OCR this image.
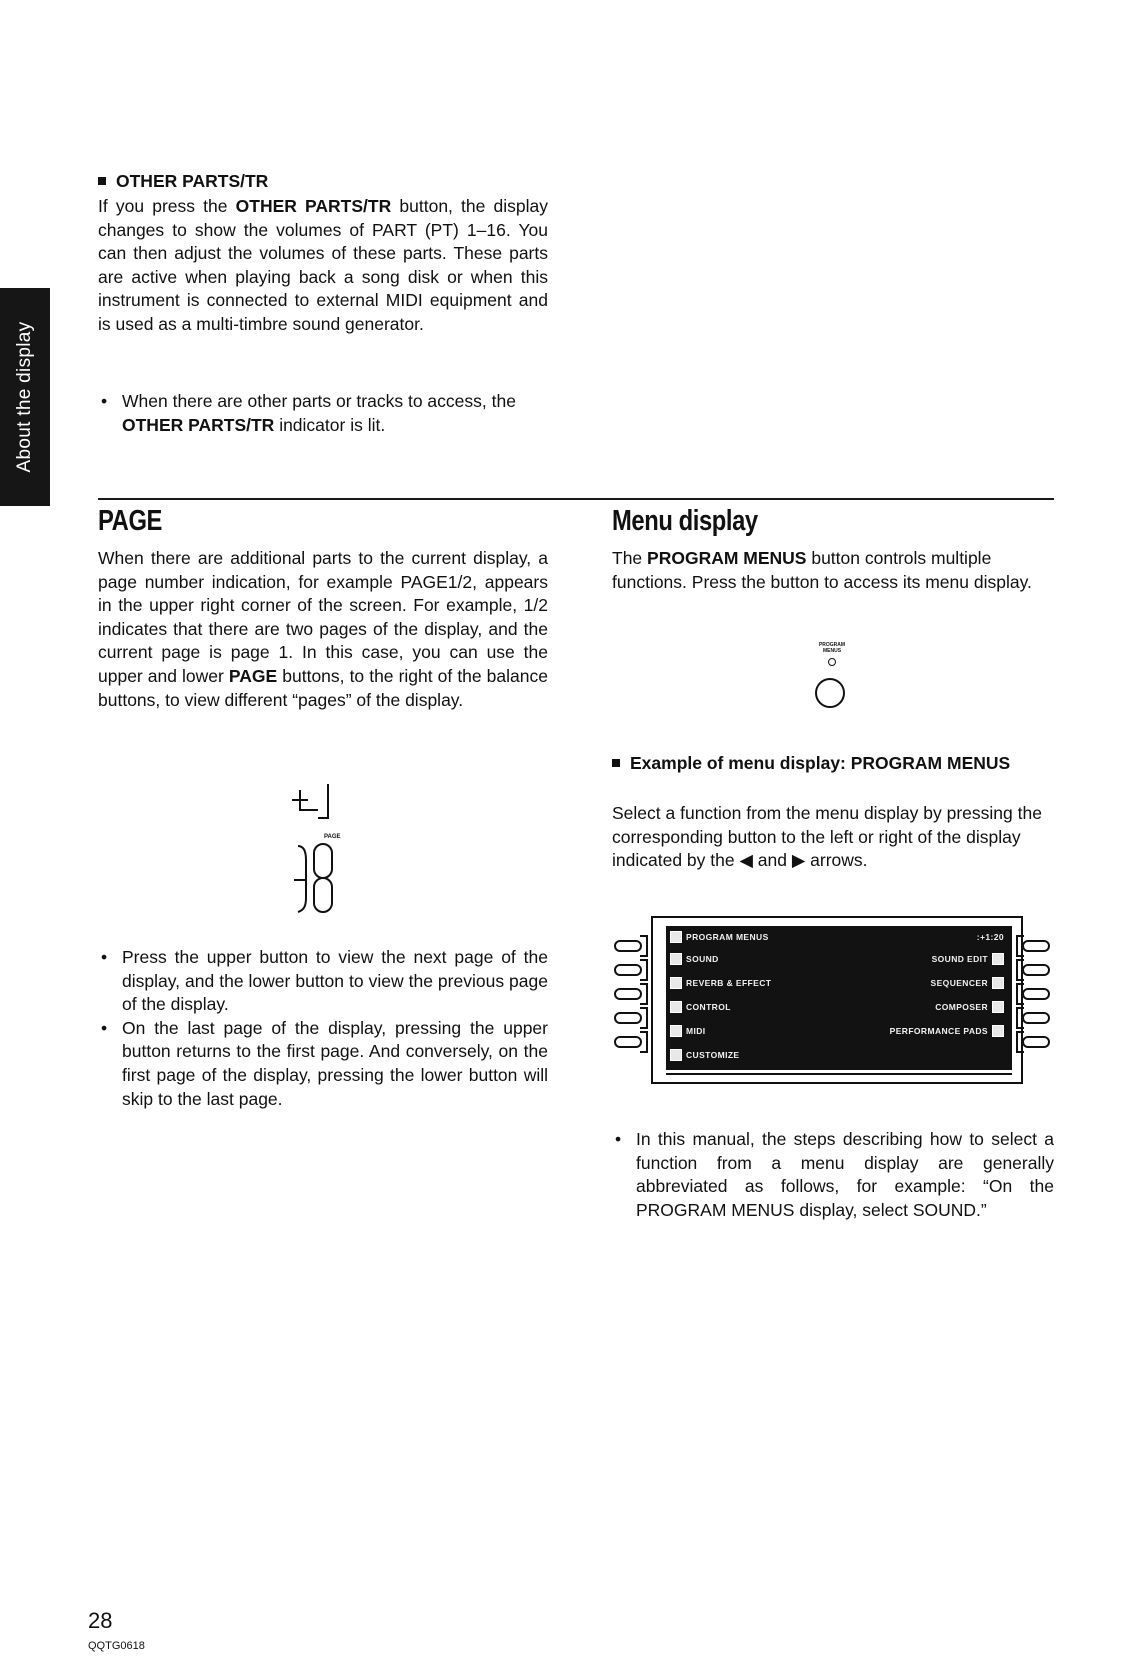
About the display
OTHER PARTS/TR

If you press the OTHER PARTS/TR button, the display changes to show the volumes of PART (PT) 1–16. You can then adjust the volumes of these parts. These parts are active when playing back a song disk or when this instrument is connected to external MIDI equipment and is used as a multi-timbre sound generator.

• When there are other parts or tracks to access, the OTHER PARTS/TR indicator is lit.
PAGE

When there are additional parts to the current display, a page number indication, for example PAGE1/2, appears in the upper right corner of the screen. For example, 1/2 indicates that there are two pages of the display, and the current page is page 1. In this case, you can use the upper and lower PAGE buttons, to the right of the balance buttons, to view different “pages” of the display.

PAGE
• Press the upper button to view the next page of the display, and the lower button to view the previous page of the display.
• On the last page of the display, pressing the upper button returns to the first page. And conversely, on the first page of the display, pressing the lower button will skip to the last page.
Menu display

The PROGRAM MENUS button controls multiple functions. Press the button to access its menu display.

PROGRAM
MENUS
Example of menu display: PROGRAM MENUS
Select a function from the menu display by pressing the corresponding button to the left or right of the display indicated by the ◀ and ▶ arrows.
PROGRAM MENUS	:+1:20
SOUND
REVERB & EFFECT
CONTROL
MIDI
CUSTOMIZE
SOUND EDIT
SEQUENCER
COMPOSER
PERFORMANCE PADS
• In this manual, the steps describing how to select a function from a menu display are generally abbreviated as follows, for example: “On the PROGRAM MENUS display, select SOUND.”
28
QQTG0618
